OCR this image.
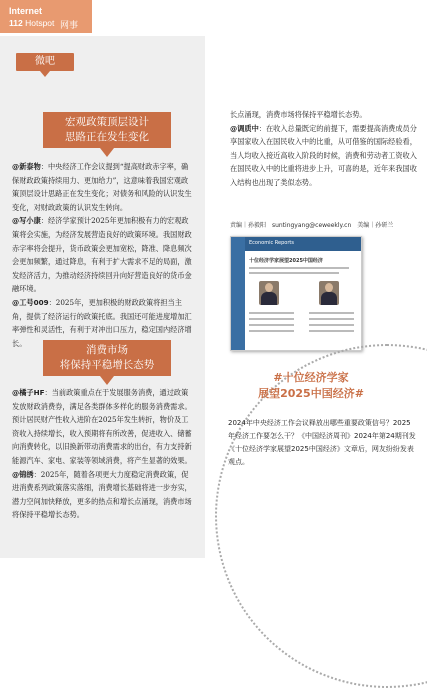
Internet
112 Hotspot 网事
微吧
宏观政策顶层设计
思路正在发生变化

@新泰物：中央经济工作会议提到“提高财政赤字率，确保财政政策持续用力、更加给力”，这意味着我国宏观政策顶层设计思路正在发生变化；对债务和风险的认识发生变化，对财政政策的认识发生转向。

@写小康：经济学家预计2025年更加积极有力的宏观政策将会实施，为经济发展营造良好的政策环境。我国财政赤字率将会提升，货币政策会更加宽松，降准、降息频次会更加频繁，通过降息，有利于扩大需求不足的局面，激发经济活力，为推动经济持续回升向好营造良好的货币金融环境。

@工号009：2025年，更加积极的财政政策将担当主角，提供了经济运行的政策托底。我国还可能进度增加汇率弹性和灵活性，有利于对冲出口压力，稳定国内经济增长。

消费市场
将保持平稳增长态势

@橘子HF：当前政策重点在于发展服务消费，通过政策发放财政消费券，满足各类群体多样化的服务消费需求。预计居民财产性收入进阶在2025年发生转折，物价及工资收入持续增长，收入预期将有所改善，促进收入、储蓄向消费转化，以旧换新带动消费需求的出台，有力支持新能源汽车、家电、家装等领域消费，将产生显著的效果。

@锦绣：2025年，随着各项更大力度稳定消费政策，促进消费系列政策落实落细，消费增长基础将进一步夯实，潜力空间加快释放，更多的热点和增长点涌现，消费市场将保持平稳增长态势。

长点涌现，消费市场将保持平稳增长态势。

@调质中：在收入总量既定的前提下，需要提高消费成员分享国家收入在国民收入中的比重，从可借鉴的国际经验看，当人均收入接近高收入阶段的时候，消费和劳动者工资收入在国民收入中的比重将进步上升，可喜的是，近年来我国收入结构也出现了类似态势。

责编｜孙毅阳 suntingyang@ceweekly.cn 美编｜孙研兰
Economic Reports
十位经济学家展望2025中国经济
#十位经济学家
展望2025中国经济#
2024年中央经济工作会议释放出哪些重要政策信号？2025年经济工作要怎么干？《中国经济周刊》2024年第24期刊发《十位经济学家展望2025中国经济》文章后，网友纷纷发表观点。
